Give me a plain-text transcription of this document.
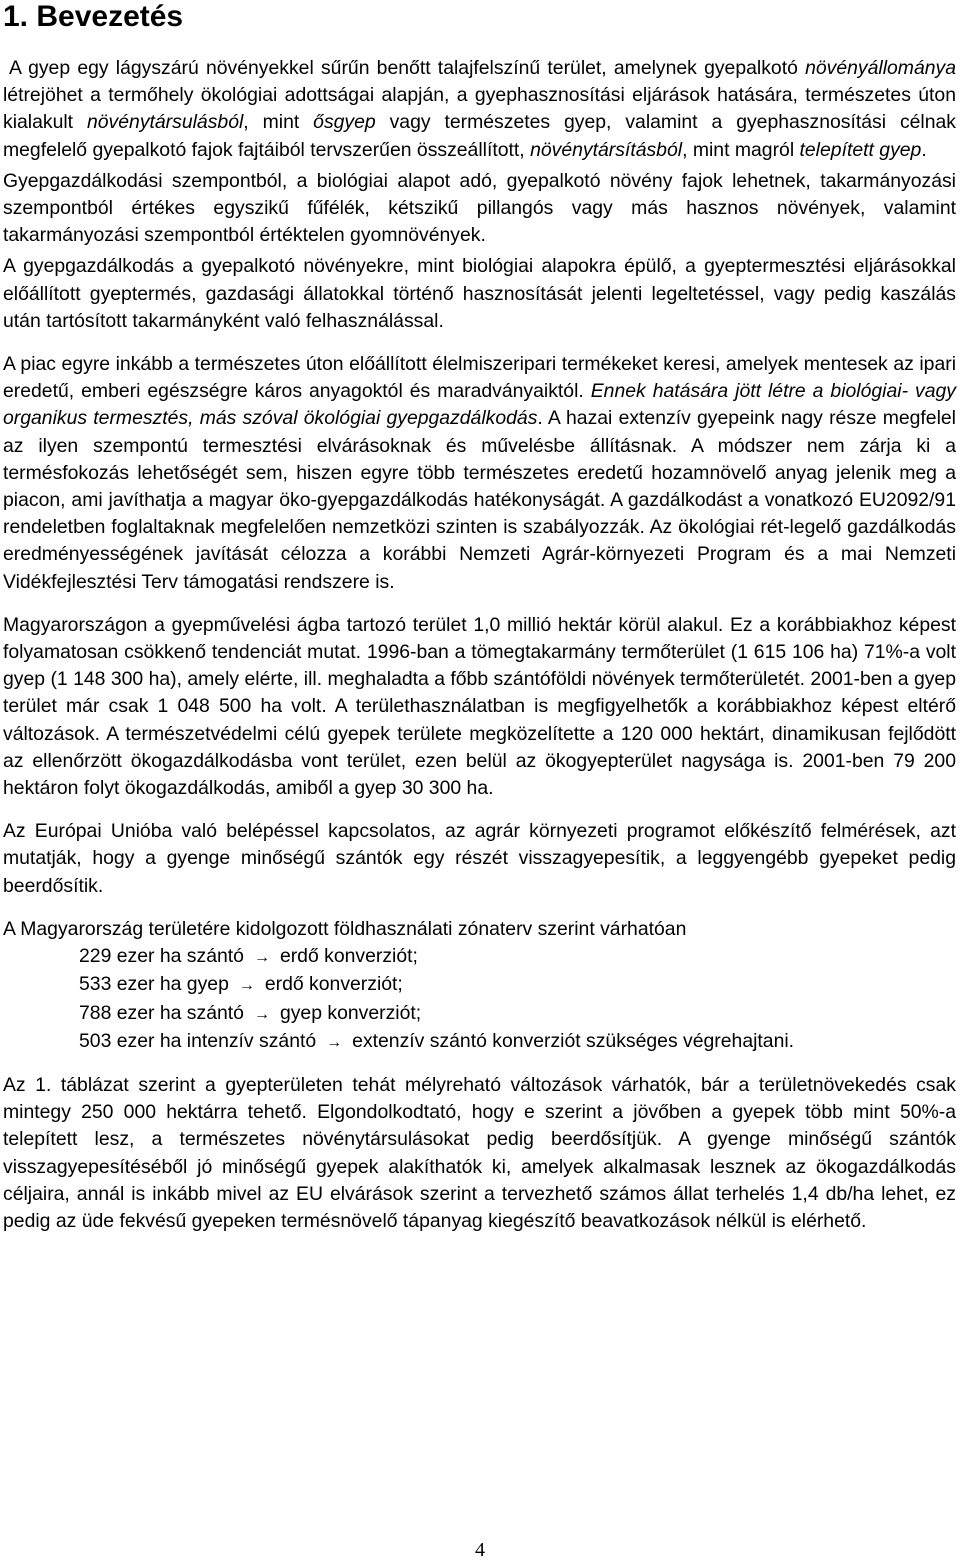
1. Bevezetés

A gyep egy lágyszárú növényekkel sűrűn benőtt talajfelszínű terület, amelynek gyepalkotó növényállománya létrejöhet a termőhely ökológiai adottságai alapján, a gyephasznosítási eljárások hatására, természetes úton kialakult növénytársulásból, mint ősgyep vagy természetes gyep, valamint a gyephasznosítási célnak megfelelő gyepalkotó fajok fajtáiból tervszerűen összeállított, növénytársításból, mint magról telepített gyep.

Gyepgazdálkodási szempontból, a biológiai alapot adó, gyepalkotó növény fajok lehetnek, takarmányozási szempontból értékes egyszikű fűfélék, kétszikű pillangós vagy más hasznos növények, valamint takarmányozási szempontból értéktelen gyomnövények.

A gyepgazdálkodás a gyepalkotó növényekre, mint biológiai alapokra épülő, a gyeptermesztési eljárásokkal előállított gyeptermés, gazdasági állatokkal történő hasznosítását jelenti legeltetéssel, vagy pedig kaszálás után tartósított takarmányként való felhasználással.

A piac egyre inkább a természetes úton előállított élelmiszeripari termékeket keresi, amelyek mentesek az ipari eredetű, emberi egészségre káros anyagoktól és maradványaiktól. Ennek hatására jött létre a biológiai- vagy organikus termesztés, más szóval ökológiai gyepgazdálkodás. A hazai extenzív gyepeink nagy része megfelel az ilyen szempontú termesztési elvárásoknak és művelésbe állításnak. A módszer nem zárja ki a termésfokozás lehetőségét sem, hiszen egyre több természetes eredetű hozamnövelő anyag jelenik meg a piacon, ami javíthatja a magyar öko-gyepgazdálkodás hatékonyságát. A gazdálkodást a vonatkozó EU2092/91 rendeletben foglaltaknak megfelelően nemzetközi szinten is szabályozzák. Az ökológiai rét-legelő gazdálkodás eredményességének javítását célozza a korábbi Nemzeti Agrár-környezeti Program és a mai Nemzeti Vidékfejlesztési Terv támogatási rendszere is.

Magyarországon a gyepművelési ágba tartozó terület 1,0 millió hektár körül alakul. Ez a korábbiakhoz képest folyamatosan csökkenő tendenciát mutat. 1996-ban a tömegtakarmány termőterület (1 615 106 ha) 71%-a volt gyep (1 148 300 ha), amely elérte, ill. meghaladta a főbb szántóföldi növények termőterületét. 2001-ben a gyep terület már csak 1 048 500 ha volt. A területhasználatban is megfigyelhetők a korábbiakhoz képest eltérő változások. A természetvédelmi célú gyepek területe megközelítette a 120 000 hektárt, dinamikusan fejlődött az ellenőrzött ökogazdálkodásba vont terület, ezen belül az ökogyepterület nagysága is. 2001-ben 79 200 hektáron folyt ökogazdálkodás, amiből a gyep 30 300 ha.

Az Európai Unióba való belépéssel kapcsolatos, az agrár környezeti programot előkészítő felmérések, azt mutatják, hogy a gyenge minőségű szántók egy részét visszagyepesítik, a leggyengébb gyepeket pedig beerdősítik.

A Magyarország területére kidolgozott földhasználati zónaterv szerint várhatóan

229 ezer ha szántó → erdő konverziót;
533 ezer ha gyep → erdő konverziót;
788 ezer ha szántó → gyep konverziót;
503 ezer ha intenzív szántó → extenzív szántó konverziót szükséges végrehajtani.

Az 1. táblázat szerint a gyepterületen tehát mélyreható változások várhatók, bár a területnövekedés csak mintegy 250 000 hektárra tehető. Elgondolkodtató, hogy e szerint a jövőben a gyepek több mint 50%-a telepített lesz, a természetes növénytársulásokat pedig beerdősítjük. A gyenge minőségű szántók visszagyepesítéséből jó minőségű gyepek alakíthatók ki, amelyek alkalmasak lesznek az ökogazdálkodás céljaira, annál is inkább mivel az EU elvárások szerint a tervezhető számos állat terhelés 1,4 db/ha lehet, ez pedig az üde fekvésű gyepeken termésnövelő tápanyag kiegészítő beavatkozások nélkül is elérhető.

4
